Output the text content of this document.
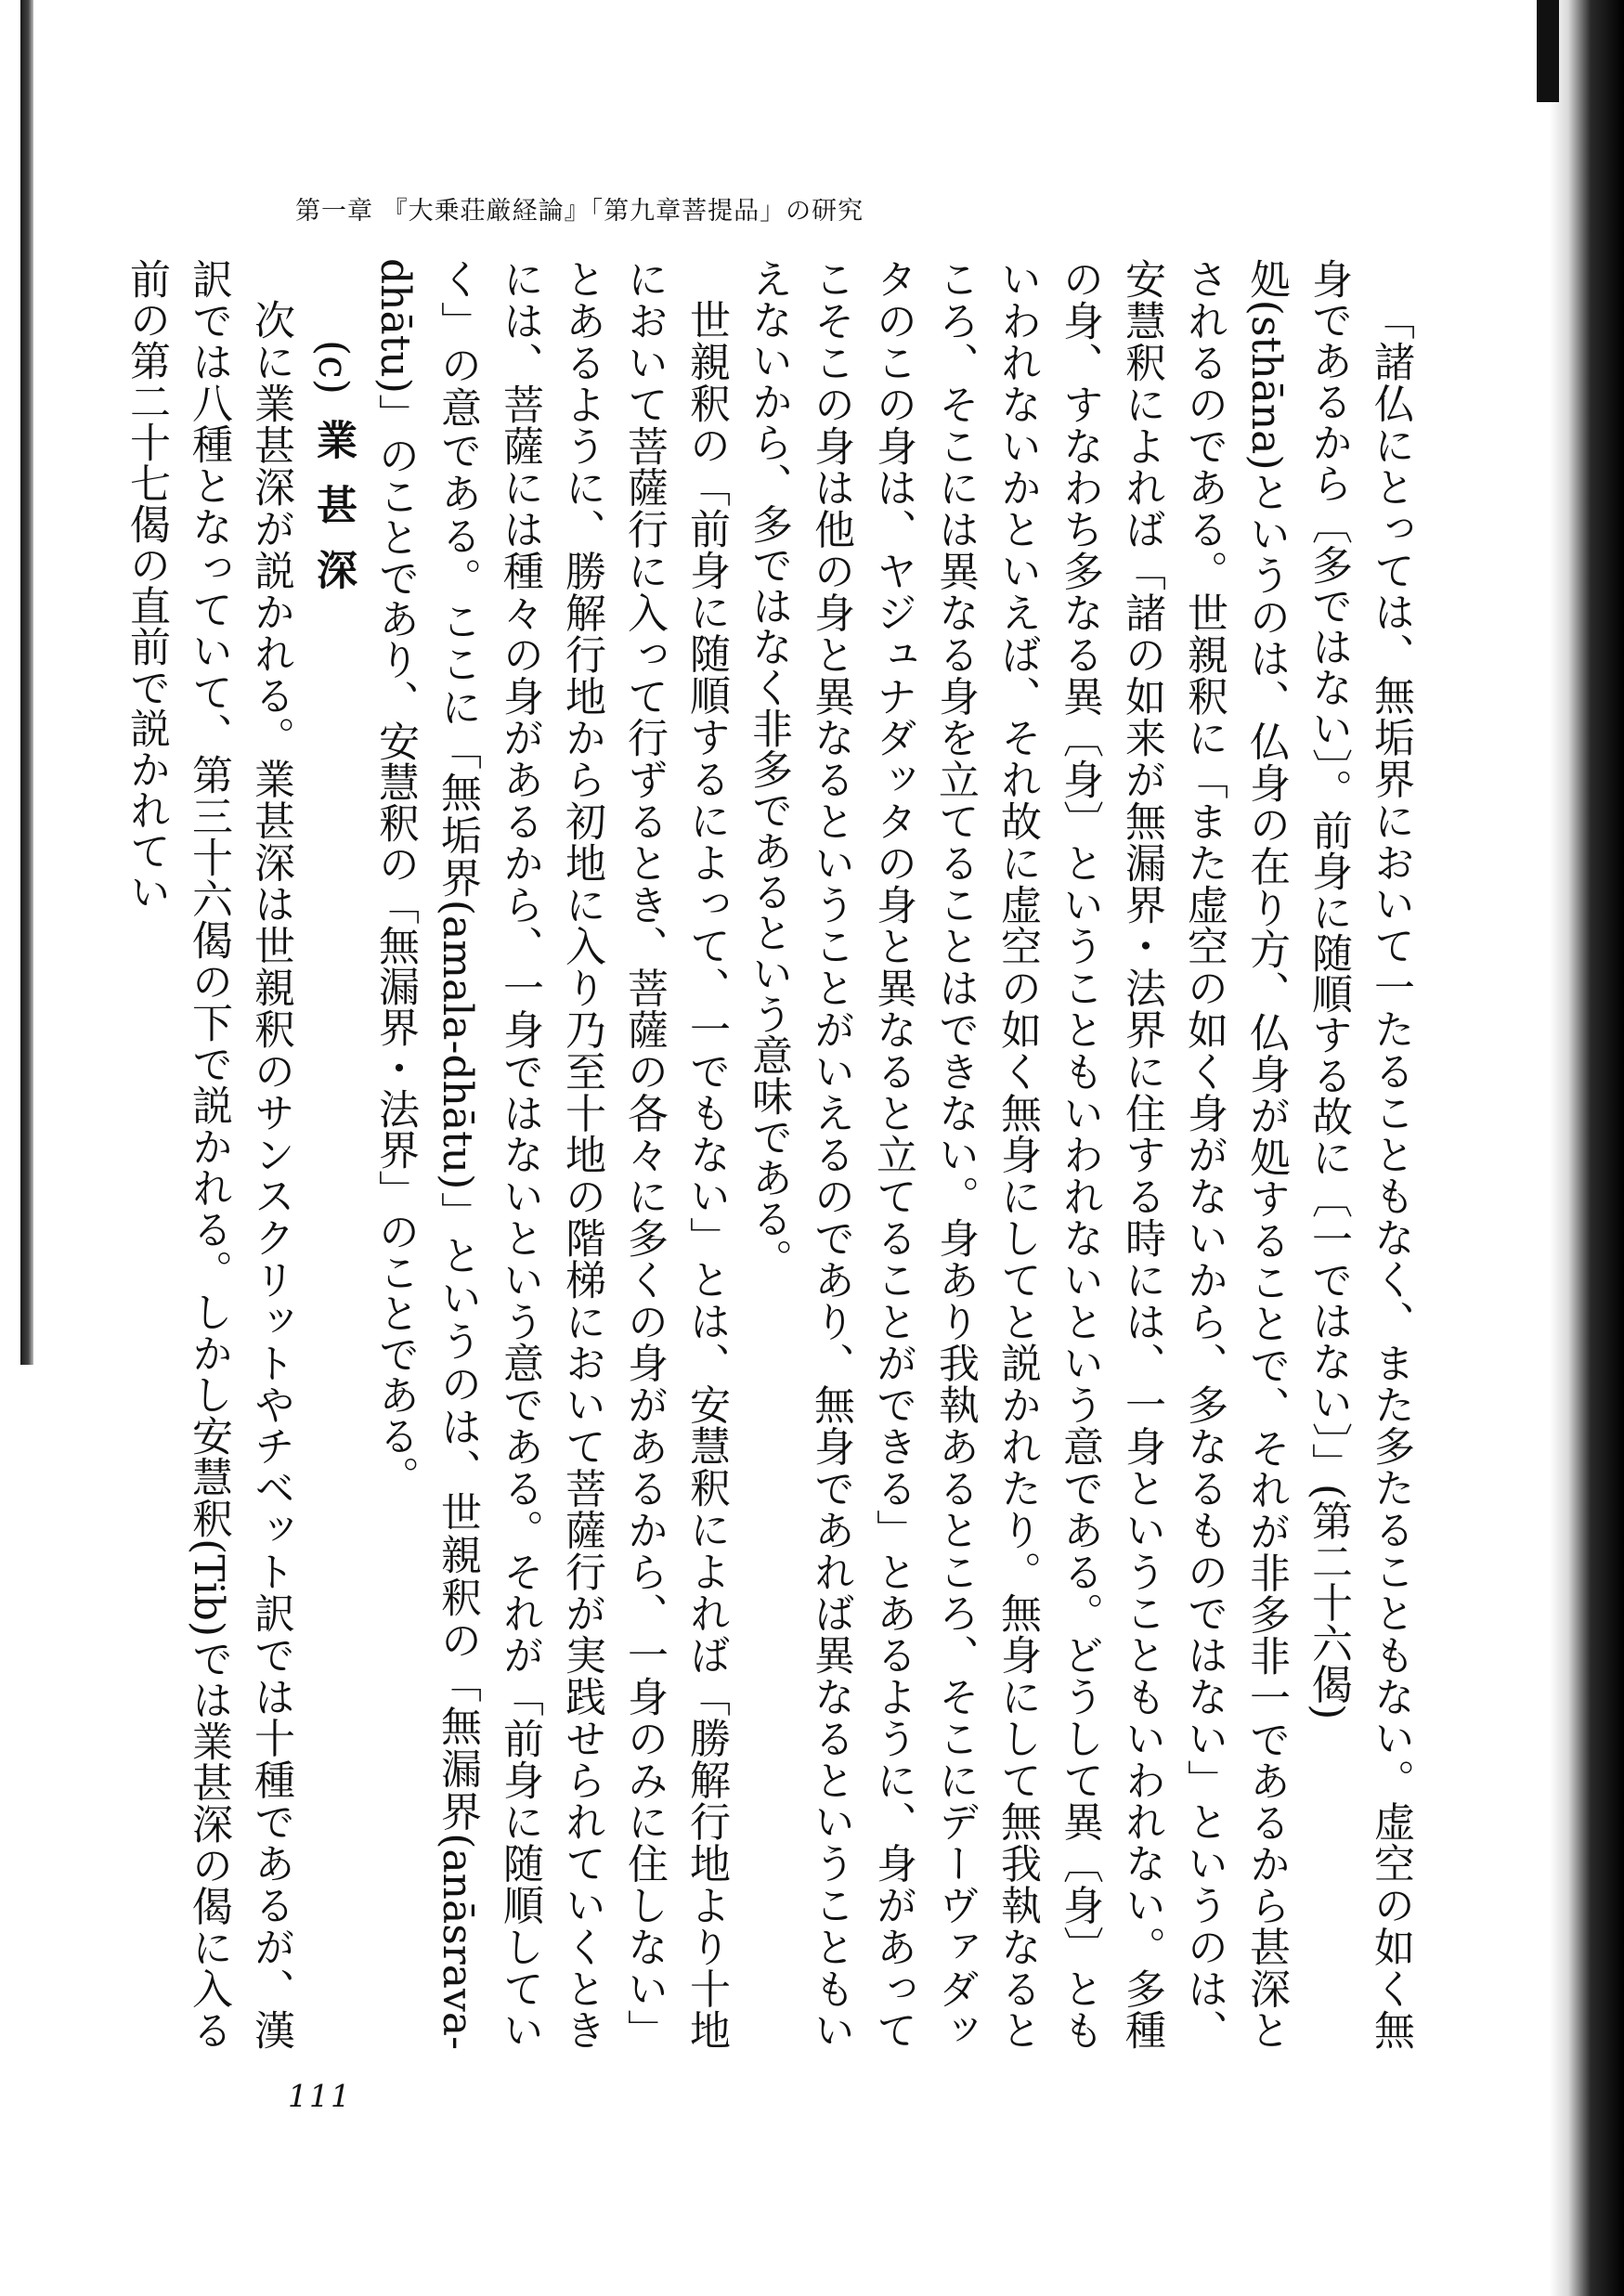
第一章 『大乗荘厳経論』「第九章菩提品」の研究

「諸仏にとっては、無垢界において一たることもなく、また多たることもない。虚空の如く無身であるから〔多ではない〕。前身に随順する故に〔一ではない〕」(第二十六偈)

処(sthāna)というのは、仏身の在り方、仏身が処することで、それが非多非一であるから甚深とされるのである。世親釈に「また虚空の如く身がないから、多なるものではない」というのは、安慧釈によれば「諸の如来が無漏界・法界に住する時には、一身ということもいわれない。多種の身、すなわち多なる異〔身〕ということもいわれないという意である。どうして異〔身〕ともいわれないかといえば、それ故に虚空の如く無身にしてと説かれたり。無身にして無我執なるところ、そこには異なる身を立てることはできない。身あり我執あるところ、そこにデーヴァダッタのこの身は、ヤジュナダッタの身と異なると立てることができる」とあるように、身があってこそこの身は他の身と異なるということがいえるのであり、無身であれば異なるということもいえないから、多ではなく非多であるという意味である。

世親釈の「前身に随順するによって、一でもない」とは、安慧釈によれば「勝解行地より十地において菩薩行に入って行ずるとき、菩薩の各々に多くの身があるから、一身のみに住しない」とあるように、勝解行地から初地に入り乃至十地の階梯において菩薩行が実践せられていくときには、菩薩には種々の身があるから、一身ではないという意である。それが「前身に随順していく」の意である。ここに「無垢界(amala-dhātu)」というのは、世親釈の「無漏界(anāsrava-dhātu)」のことであり、安慧釈の「無漏界・法界」のことである。

(c)業甚深

次に業甚深が説かれる。業甚深は世親釈のサンスクリットやチベット訳では十種であるが、漢訳では八種となっていて、第三十六偈の下で説かれる。しかし安慧釈(Tib)では業甚深の偈に入る前の第二十七偈の直前で説かれてい

111
